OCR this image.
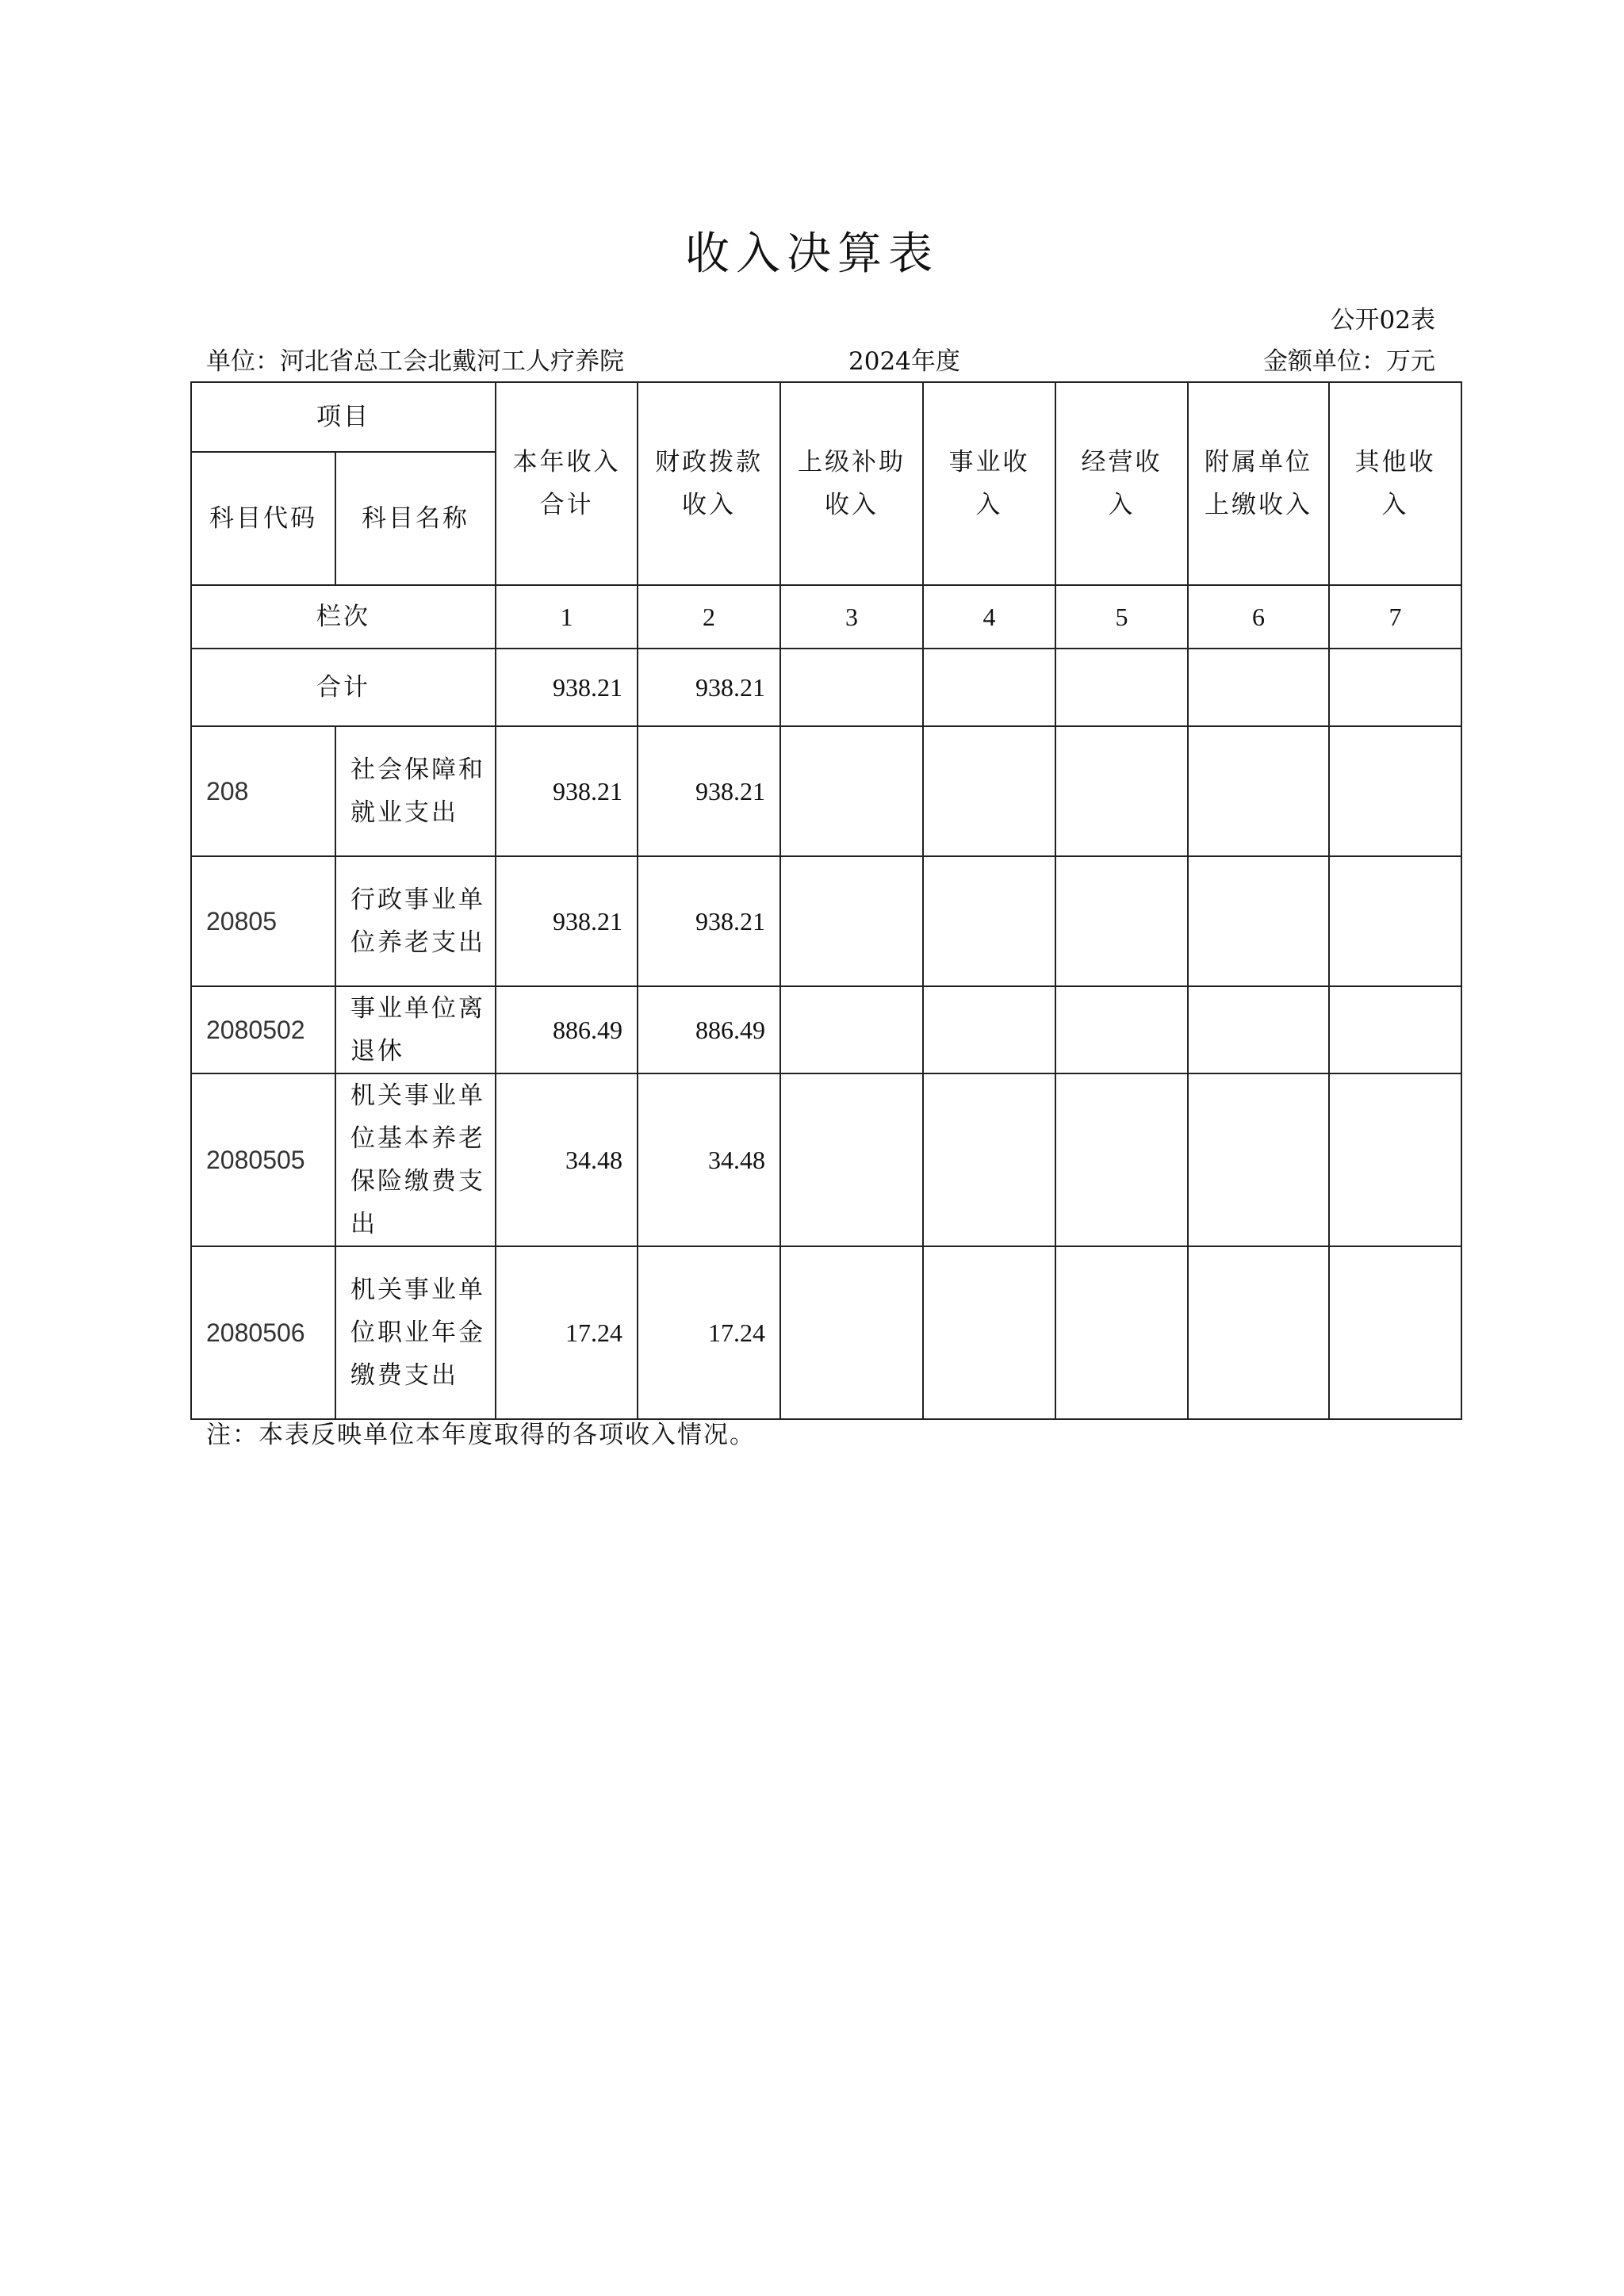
收入决算表
公开02表
单位：河北省总工会北戴河工人疗养院	2024年度	金额单位：万元
项目		本年收入合计	财政拨款收入	上级补助收入	事业收入	经营收入	附属单位上缴收入	其他收入
科目代码	科目名称							
栏次		1	2	3	4	5	6	7
合计		938.21	938.21					
208	社会保障和就业支出	938.21	938.21					
20805	行政事业单位养老支出	938.21	938.21					
2080502	事业单位离退休	886.49	886.49					
2080505	机关事业单位基本养老保险缴费支出	34.48	34.48					
2080506	机关事业单位职业年金缴费支出	17.24	17.24					
注：本表反映单位本年度取得的各项收入情况。
